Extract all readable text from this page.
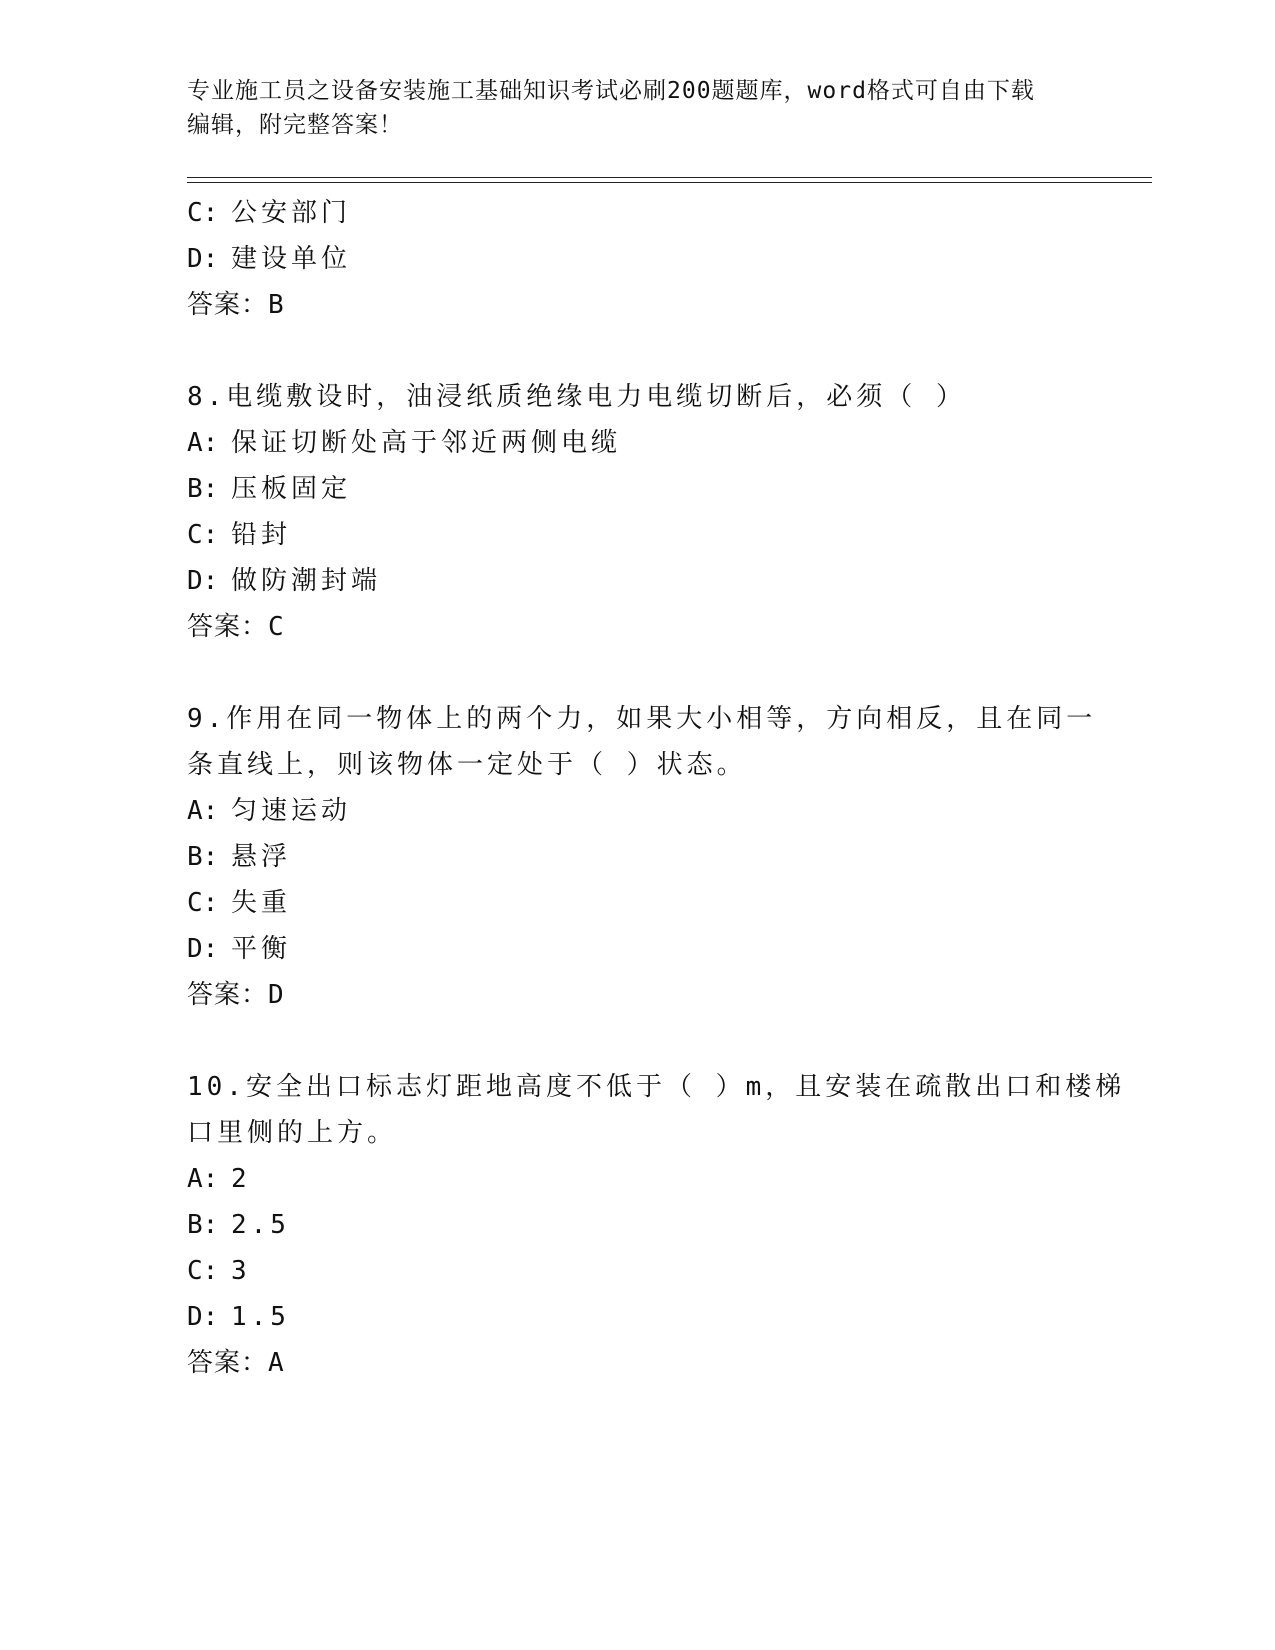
专业施工员之设备安装施工基础知识考试必刷200题题库，word格式可自由下载
编辑，附完整答案！
C: 公安部门
D: 建设单位
答案：B
8.电缆敷设时，油浸纸质绝缘电力电缆切断后，必须（ ）
A: 保证切断处高于邻近两侧电缆
B: 压板固定
C: 铅封
D: 做防潮封端
答案：C
9.作用在同一物体上的两个力，如果大小相等，方向相反，且在同一
条直线上，则该物体一定处于（ ）状态。
A: 匀速运动
B: 悬浮
C: 失重
D: 平衡
答案：D
10.安全出口标志灯距地高度不低于（ ）m，且安装在疏散出口和楼梯
口里侧的上方。
A: 2
B: 2.5
C: 3
D: 1.5
答案：A
